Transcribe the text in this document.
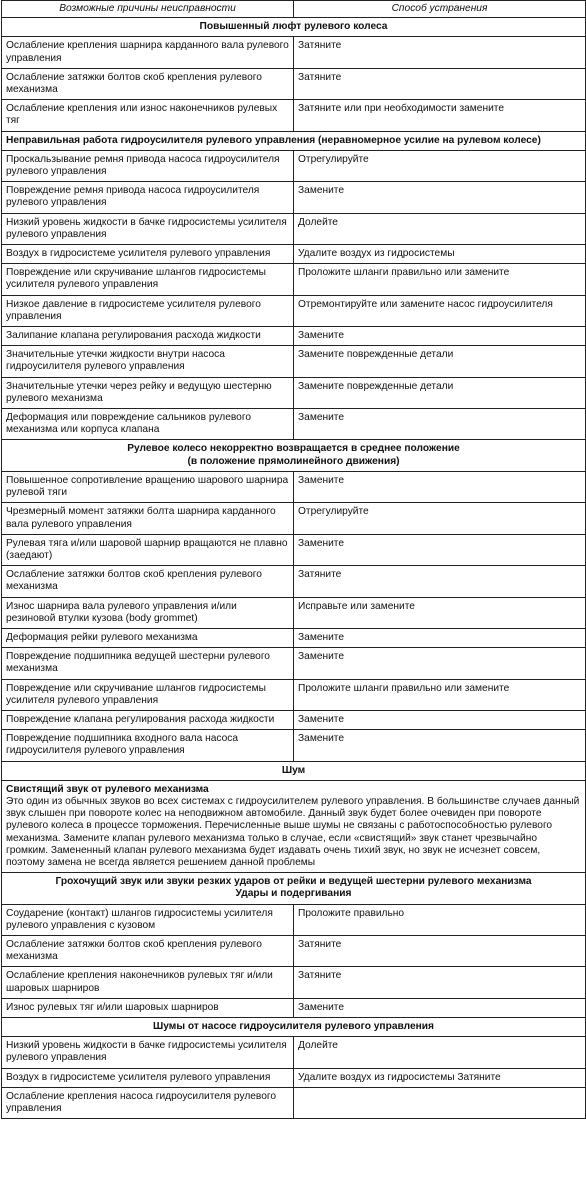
Возможные причины неисправности	Способ устранения

Повышенный люфт рулевого колеса	

Ослабление крепления шарнира карданного вала рулевого управления	Затяните
Ослабление затяжки болтов скоб крепления рулевого механизма	Затяните
Ослабление крепления или износ наконечников рулевых тяг	Затяните или при необходимости замените

Неправильная работа гидроусилителя рулевого управления (неравномерное усилие на рулевом колесе)	

Проскальзывание ремня привода насоса гидроусилителя рулевого управления	Отрегулируйте
Повреждение ремня привода насоса гидроусилителя рулевого управления	Замените
Низкий уровень жидкости в бачке гидросистемы усилителя рулевого управления	Долейте
Воздух в гидросистеме усилителя рулевого управления	Удалите воздух из гидросистемы
Повреждение или скручивание шлангов гидросистемы усилителя рулевого управления	Проложите шланги правильно или замените
Низкое давление в гидросистеме усилителя рулевого управления	Отремонтируйте или замените насос гидроусилителя
Залипание клапана регулирования расхода жидкости	Замените
Значительные утечки жидкости внутри насоса гидроусилителя рулевого управления	Замените поврежденные детали
Значительные утечки через рейку и ведущую шестерню рулевого механизма	Замените поврежденные детали
Деформация или повреждение сальников рулевого механизма или корпуса клапана	Замените

Рулевое колесо некорректно возвращается в среднее положение
(в положение прямолинейного движения)	

Повышенное сопротивление вращению шарового шарнира рулевой тяги	Замените
Чрезмерный момент затяжки болта шарнира карданного вала рулевого управления	Отрегулируйте
Рулевая тяга и/или шаровой шарнир вращаются не плавно (заедают)	Замените
Ослабление затяжки болтов скоб крепления рулевого механизма	Затяните
Износ шарнира вала рулевого управления и/или резиновой втулки кузова (body grommet)	Исправьте или замените
Деформация рейки рулевого механизма	Замените
Повреждение подшипника ведущей шестерни рулевого механизма	Замените
Повреждение или скручивание шлангов гидросистемы усилителя рулевого управления	Проложите шланги правильно или замените
Повреждение клапана регулирования расхода жидкости	Замените
Повреждение подшипника входного вала насоса гидроусилителя рулевого управления	Замените

Шум	

Свистящий звук от рулевого механизма
Это один из обычных звуков во всех системах с гидроусилителем рулевого управления. В большинстве случаев данный звук слышен при повороте колес на неподвижном автомобиле. Данный звук будет более очевиден при повороте рулевого колеса в процессе торможения. Перечисленные выше шумы не связаны с работоспособностью рулевого механизма. Замените клапан рулевого механизма только в случае, если «свистящий» звук станет чрезвычайно громким. Замененный клапан рулевого механизма будет издавать очень тихий звук, но звук не исчезнет совсем, поэтому замена не всегда является решением данной проблемы	

Грохочущий звук или звуки резких ударов от рейки и ведущей шестерни рулевого механизма
Удары и подергивания	

Соударение (контакт) шлангов гидросистемы усилителя рулевого управления с кузовом	Проложите правильно
Ослабление затяжки болтов скоб крепления рулевого механизма	Затяните
Ослабление крепления наконечников рулевых тяг и/или шаровых шарниров	Затяните
Износ рулевых тяг и/или шаровых шарниров	Замените

Шумы от насосе гидроусилителя рулевого управления	

Низкий уровень жидкости в бачке гидросистемы усилителя рулевого управления	Долейте
Воздух в гидросистеме усилителя рулевого управления	Удалите воздух из гидросистемы Затяните
Ослабление крепления насоса гидроусилителя рулевого управления	
